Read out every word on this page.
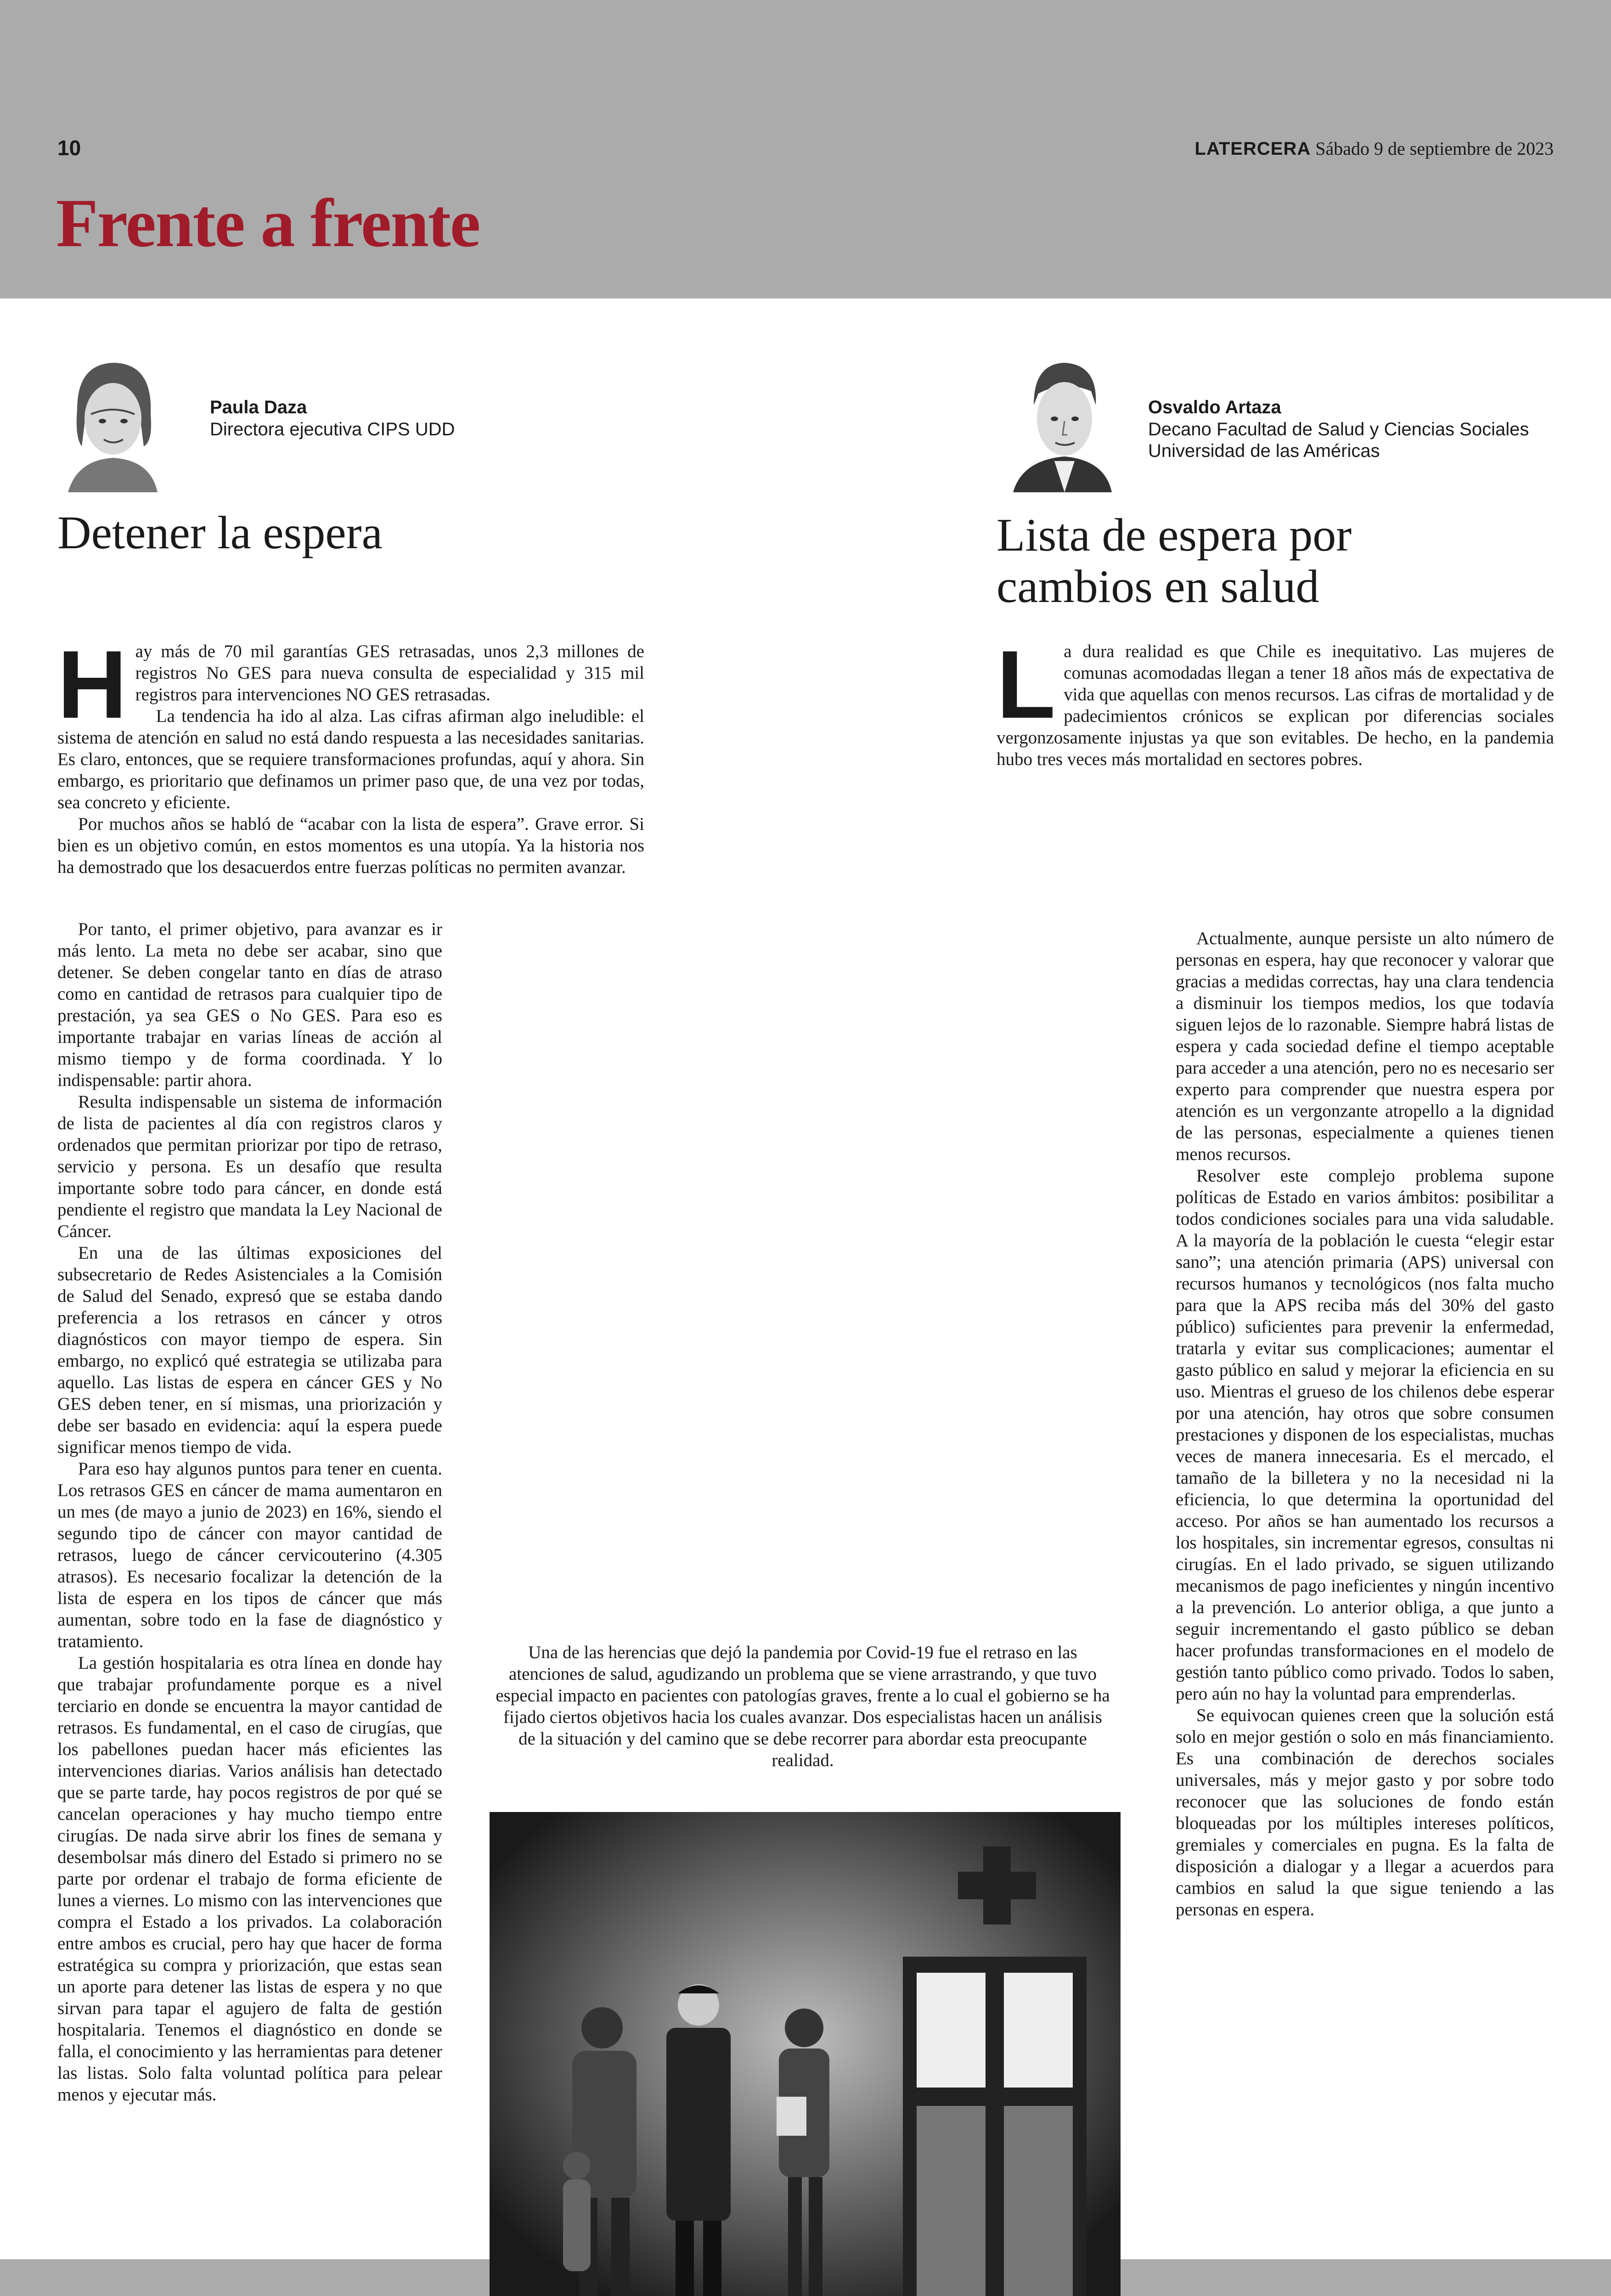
10	LATERCERA Sábado 9 de septiembre de 2023
Frente a frente
Paula Daza
Directora ejecutiva CIPS UDD
Detener la espera

Hay más de 70 mil garantías GES retrasadas, unos 2,3 millones de registros No GES para nueva consulta de especialidad y 315 mil registros para intervenciones NO GES retrasadas.

La tendencia ha ido al alza. Las cifras afirman algo ineludible: el sistema de atención en salud no está dando respuesta a las necesidades sanitarias. Es claro, entonces, que se requiere transformaciones profundas, aquí y ahora. Sin embargo, es prioritario que definamos un primer paso que, de una vez por todas, sea concreto y eficiente.

Por muchos años se habló de “acabar con la lista de espera”. Grave error. Si bien es un objetivo común, en estos momentos es una utopía. Ya la historia nos ha demostrado que los desacuerdos entre fuerzas políticas no permiten avanzar.

Por tanto, el primer objetivo, para avanzar es ir más lento. La meta no debe ser acabar, sino que detener. Se deben congelar tanto en días de atraso como en cantidad de retrasos para cualquier tipo de prestación, ya sea GES o No GES. Para eso es importante trabajar en varias líneas de acción al mismo tiempo y de forma coordinada. Y lo indispensable: partir ahora.

Resulta indispensable un sistema de información de lista de pacientes al día con registros claros y ordenados que permitan priorizar por tipo de retraso, servicio y persona. Es un desafío que resulta importante sobre todo para cáncer, en donde está pendiente el registro que mandata la Ley Nacional de Cáncer.

En una de las últimas exposiciones del subsecretario de Redes Asistenciales a la Comisión de Salud del Senado, expresó que se estaba dando preferencia a los retrasos en cáncer y otros diagnósticos con mayor tiempo de espera. Sin embargo, no explicó qué estrategia se utilizaba para aquello. Las listas de espera en cáncer GES y No GES deben tener, en sí mismas, una priorización y debe ser basado en evidencia: aquí la espera puede significar menos tiempo de vida.

Para eso hay algunos puntos para tener en cuenta. Los retrasos GES en cáncer de mama aumentaron en un mes (de mayo a junio de 2023) en 16%, siendo el segundo tipo de cáncer con mayor cantidad de retrasos, luego de cáncer cervicouterino (4.305 atrasos). Es necesario focalizar la detención de la lista de espera en los tipos de cáncer que más aumentan, sobre todo en la fase de diagnóstico y tratamiento.

La gestión hospitalaria es otra línea en donde hay que trabajar profundamente porque es a nivel terciario en donde se encuentra la mayor cantidad de retrasos. Es fundamental, en el caso de cirugías, que los pabellones puedan hacer más eficientes las intervenciones diarias. Varios análisis han detectado que se parte tarde, hay pocos registros de por qué se cancelan operaciones y hay mucho tiempo entre cirugías. De nada sirve abrir los fines de semana y desembolsar más dinero del Estado si primero no se parte por ordenar el trabajo de forma eficiente de lunes a viernes. Lo mismo con las intervenciones que compra el Estado a los privados. La colaboración entre ambos es crucial, pero hay que hacer de forma estratégica su compra y priorización, que estas sean un aporte para detener las listas de espera y no que sirvan para tapar el agujero de falta de gestión hospitalaria. Tenemos el diagnóstico en donde se falla, el conocimiento y las herramientas para detener las listas. Solo falta voluntad política para pelear menos y ejecutar más.

Osvaldo Artaza
Decano Facultad de Salud y Ciencias Sociales
Universidad de las Américas
Lista de espera por
cambios en salud

La dura realidad es que Chile es inequitativo. Las mujeres de comunas acomodadas llegan a tener 18 años más de expectativa de vida que aquellas con menos recursos. Las cifras de mortalidad y de padecimientos crónicos se explican por diferencias sociales vergonzosamente injustas ya que son evitables. De hecho, en la pandemia hubo tres veces más mortalidad en sectores pobres.

Actualmente, aunque persiste un alto número de personas en espera, hay que reconocer y valorar que gracias a medidas correctas, hay una clara tendencia a disminuir los tiempos medios, los que todavía siguen lejos de lo razonable. Siempre habrá listas de espera y cada sociedad define el tiempo aceptable para acceder a una atención, pero no es necesario ser experto para comprender que nuestra espera por atención es un vergonzante atropello a la dignidad de las personas, especialmente a quienes tienen menos recursos.

Resolver este complejo problema supone políticas de Estado en varios ámbitos: posibilitar a todos condiciones sociales para una vida saludable. A la mayoría de la población le cuesta “elegir estar sano”; una atención primaria (APS) universal con recursos humanos y tecnológicos (nos falta mucho para que la APS reciba más del 30% del gasto público) suficientes para prevenir la enfermedad, tratarla y evitar sus complicaciones; aumentar el gasto público en salud y mejorar la eficiencia en su uso. Mientras el grueso de los chilenos debe esperar por una atención, hay otros que sobre consumen prestaciones y disponen de los especialistas, muchas veces de manera innecesaria. Es el mercado, el tamaño de la billetera y no la necesidad ni la eficiencia, lo que determina la oportunidad del acceso. Por años se han aumentado los recursos a los hospitales, sin incrementar egresos, consultas ni cirugías. En el lado privado, se siguen utilizando mecanismos de pago ineficientes y ningún incentivo a la prevención. Lo anterior obliga, a que junto a seguir incrementando el gasto público se deban hacer profundas transformaciones en el modelo de gestión tanto público como privado. Todos lo saben, pero aún no hay la voluntad para emprenderlas.

Se equivocan quienes creen que la solución está solo en mejor gestión o solo en más financiamiento. Es una combinación de derechos sociales universales, más y mejor gasto y por sobre todo reconocer que las soluciones de fondo están bloqueadas por los múltiples intereses políticos, gremiales y comerciales en pugna. Es la falta de disposición a dialogar y a llegar a acuerdos para cambios en salud la que sigue teniendo a las personas en espera.

Una de las herencias que dejó la pandemia por Covid-19 fue el retraso en las atenciones de salud, agudizando un problema que se viene arrastrando, y que tuvo especial impacto en pacientes con patologías graves, frente a lo cual el gobierno se ha fijado ciertos objetivos hacia los cuales avanzar. Dos especialistas hacen un análisis de la situación y del camino que se debe recorrer para abordar esta preocupante realidad.
